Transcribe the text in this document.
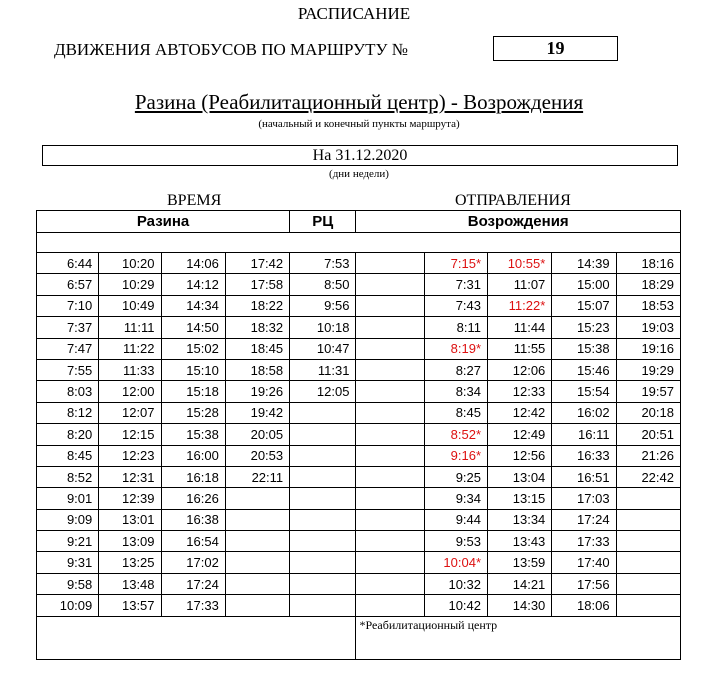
РАСПИСАНИЕ
ДВИЖЕНИЯ АВТОБУСОВ ПО МАРШРУТУ №	19
Разина (Реабилитационный центр) - Возрождения
(начальный и конечный пункты маршрута)
На 31.12.2020
(дни недели)
ВРЕМЯ	ОТПРАВЛЕНИЯ
Разина				РЦ	Возрождения				

6:44	10:20	14:06	17:42	7:53		7:15*	10:55*	14:39	18:16
6:57	10:29	14:12	17:58	8:50		7:31	11:07	15:00	18:29
7:10	10:49	14:34	18:22	9:56		7:43	11:22*	15:07	18:53
7:37	11:11	14:50	18:32	10:18		8:11	11:44	15:23	19:03
7:47	11:22	15:02	18:45	10:47		8:19*	11:55	15:38	19:16
7:55	11:33	15:10	18:58	11:31		8:27	12:06	15:46	19:29
8:03	12:00	15:18	19:26	12:05		8:34	12:33	15:54	19:57
8:12	12:07	15:28	19:42			8:45	12:42	16:02	20:18
8:20	12:15	15:38	20:05			8:52*	12:49	16:11	20:51
8:45	12:23	16:00	20:53			9:16*	12:56	16:33	21:26
8:52	12:31	16:18	22:11			9:25	13:04	16:51	22:42
9:01	12:39	16:26				9:34	13:15	17:03	
9:09	13:01	16:38				9:44	13:34	17:24	
9:21	13:09	16:54				9:53	13:43	17:33	
9:31	13:25	17:02				10:04*	13:59	17:40	
9:58	13:48	17:24				10:32	14:21	17:56	
10:09	13:57	17:33				10:42	14:30	18:06	
					*Реабилитационный центр				
